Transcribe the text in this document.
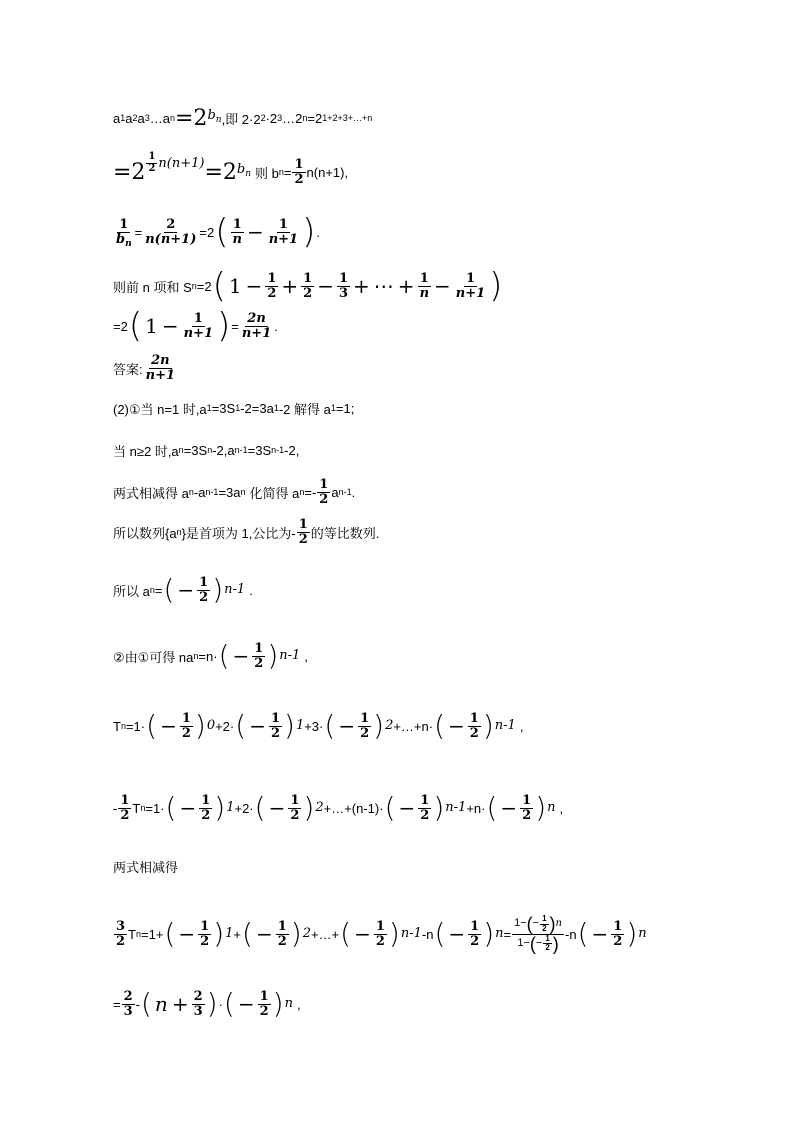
a 1 a 2 a 3 …a n =2 $b_n$ ,即 2·2 2 ·2 3 …2 n =2 1+2+3+…+n
$=2 \frac{1}{2} n(n+1) =2$ $b_n$ 则 b $n = \frac{1}{2} n(n+1)$,
$\frac{1}{b_n} = \frac{2}{n(n+1)} =2$ ( $\frac{1}{n} - \frac{1}{n+1}$ ) .
则前 n 项和 S n =2 ( $1 - \frac{1}{2} + \frac{1}{2} - \frac{1}{3}$ + ⋯ + $\frac{1}{n} - \frac{1}{n+1}$ )
=2 ( $1 - \frac{1}{n+1}$ ) = $\frac{2n}{n+1}$ .
答案: $\frac{2n}{n+1}$
(2)①当 n=1 时,a 1 =3S 1 -2=3a 1 -2 解得 a 1 =1;
当 n≥2 时,a n =3S n -2,a n-1 =3S n-1 -2,
两式相减得 a n -a n-1 =3a n 化简得 a $n =- \frac{1}{2}$ a n-1 .
所以数列{a n }是首项为 1,公比为- $\frac{1}{2}$ 的等比数列.
所以 a n = ( − $\frac{1}{2}$ ) n-1 .
②由①可得 na n =n· ( − $\frac{1}{2}$ ) n-1 ,
T n =1· ( − $\frac{1}{2}$ ) 0 +2· ( − $\frac{1}{2}$ ) 1 +3· ( − $\frac{1}{2}$ ) 2 +…+n· ( − $\frac{1}{2}$ ) n-1 ,
- $\frac{1}{2}$ T n =1· ( − $\frac{1}{2}$ ) 1 +2· ( − $\frac{1}{2}$ ) 2 +…+(n-1)· ( − $\frac{1}{2}$ ) n-1 +n· ( − $\frac{1}{2}$ ) n ,
两式相减得
$\frac{3}{2}$ T n =1+ ( − $\frac{1}{2}$ ) 1 + ( − $\frac{1}{2}$ ) 2 +…+ ( − $\frac{1}{2}$ ) n-1 -n ( − $\frac{1}{2}$ ) $n = \frac{1- ( - \frac{1}{2} ) n}{1- ( - \frac{1}{2} )} -n$ ( − $\frac{1}{2}$ ) n
= $\frac{2}{3}$ - ( $n + \frac{2}{3}$ ) · ( − $\frac{1}{2}$ ) n ,
